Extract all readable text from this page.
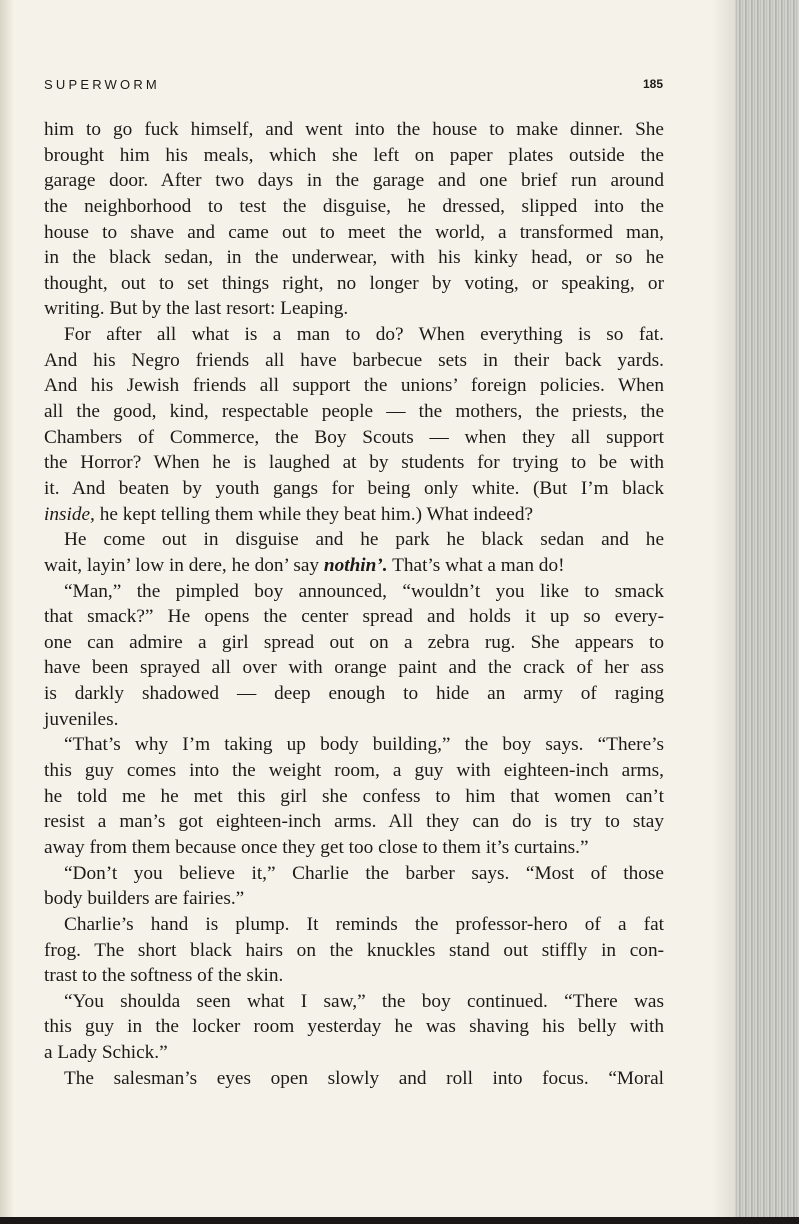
SUPERWORM	185
him to go fuck himself, and went into the house to make dinner. She
brought him his meals, which she left on paper plates outside the
garage door. After two days in the garage and one brief run around
the neighborhood to test the disguise, he dressed, slipped into the
house to shave and came out to meet the world, a transformed man,
in the black sedan, in the underwear, with his kinky head, or so he
thought, out to set things right, no longer by voting, or speaking, or
writing. But by the last resort: Leaping.
For after all what is a man to do? When everything is so fat.
And his Negro friends all have barbecue sets in their back yards.
And his Jewish friends all support the unions’ foreign policies. When
all the good, kind, respectable people — the mothers, the priests, the
Chambers of Commerce, the Boy Scouts — when they all support
the Horror? When he is laughed at by students for trying to be with
it. And beaten by youth gangs for being only white. (But I’m black
inside, he kept telling them while they beat him.) What indeed?
He come out in disguise and he park he black sedan and he
wait, layin’ low in dere, he don’ say nothin’. That’s what a man do!
“Man,” the pimpled boy announced, “wouldn’t you like to smack
that smack?” He opens the center spread and holds it up so every-
one can admire a girl spread out on a zebra rug. She appears to
have been sprayed all over with orange paint and the crack of her ass
is darkly shadowed — deep enough to hide an army of raging
juveniles.
“That’s why I’m taking up body building,” the boy says. “There’s
this guy comes into the weight room, a guy with eighteen-inch arms,
he told me he met this girl she confess to him that women can’t
resist a man’s got eighteen-inch arms. All they can do is try to stay
away from them because once they get too close to them it’s curtains.”
“Don’t you believe it,” Charlie the barber says. “Most of those
body builders are fairies.”
Charlie’s hand is plump. It reminds the professor-hero of a fat
frog. The short black hairs on the knuckles stand out stiffly in con-
trast to the softness of the skin.
“You shoulda seen what I saw,” the boy continued. “There was
this guy in the locker room yesterday he was shaving his belly with
a Lady Schick.”
The salesman’s eyes open slowly and roll into focus. “Moral
